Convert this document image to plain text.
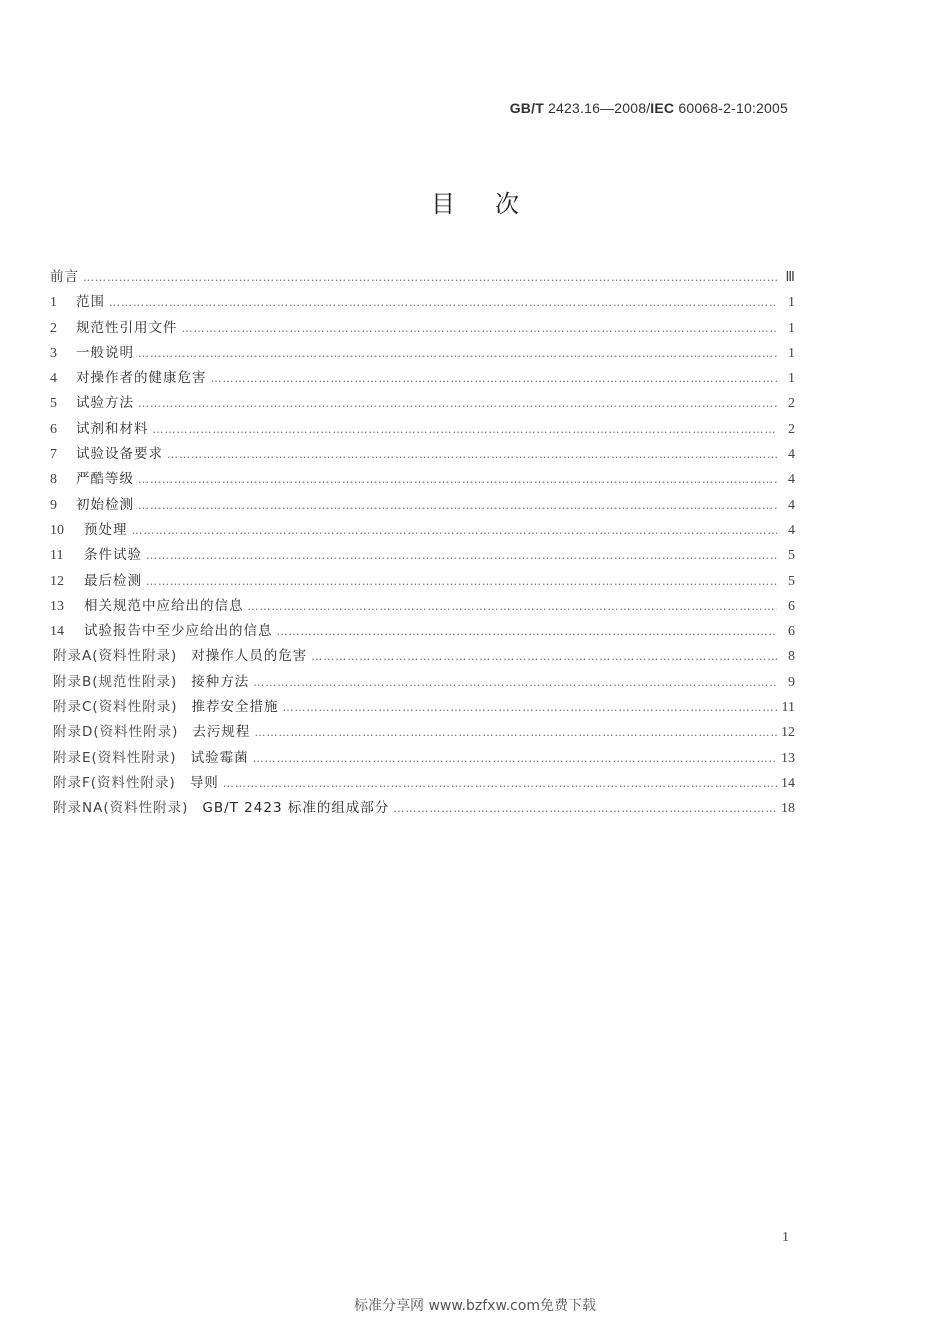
GB/T 2423.16—2008/IEC 60068-2-10:2005
目次
前言 ………………………………………………………………………………………………………………………………………………………………………………………………………………	Ⅲ
1	范围 ………………………………………………………………………………………………………………………………………………………………………………………………………………	1
2	规范性引用文件 ………………………………………………………………………………………………………………………………………………………………………………………………………………	1
3	一般说明 ………………………………………………………………………………………………………………………………………………………………………………………………………………	1
4	对操作者的健康危害 ………………………………………………………………………………………………………………………………………………………………………………………………………………	1
5	试验方法 ………………………………………………………………………………………………………………………………………………………………………………………………………………	2
6	试剂和材料 ………………………………………………………………………………………………………………………………………………………………………………………………………………	2
7	试验设备要求 ………………………………………………………………………………………………………………………………………………………………………………………………………………	4
8	严酷等级 ………………………………………………………………………………………………………………………………………………………………………………………………………………	4
9	初始检测 ………………………………………………………………………………………………………………………………………………………………………………………………………………	4
10	预处理 ………………………………………………………………………………………………………………………………………………………………………………………………………………	4
11	条件试验 ………………………………………………………………………………………………………………………………………………………………………………………………………………	5
12	最后检测 ………………………………………………………………………………………………………………………………………………………………………………………………………………	5
13	相关规范中应给出的信息 ………………………………………………………………………………………………………………………………………………………………………………………………………………	6
14	试验报告中至少应给出的信息 ………………………………………………………………………………………………………………………………………………………………………………………………………………	6
附录A(资料性附录) 对操作人员的危害 ………………………………………………………………………………………………………………………………………………………………………………………………………………	8
附录B(规范性附录) 接种方法 ………………………………………………………………………………………………………………………………………………………………………………………………………………	9
附录C(资料性附录) 推荐安全措施 ………………………………………………………………………………………………………………………………………………………………………………………………………………	11
附录D(资料性附录) 去污规程 ………………………………………………………………………………………………………………………………………………………………………………………………………………	12
附录E(资料性附录) 试验霉菌 ………………………………………………………………………………………………………………………………………………………………………………………………………………	13
附录F(资料性附录) 导则 ………………………………………………………………………………………………………………………………………………………………………………………………………………	14
附录NA(资料性附录) GB/T 2423 标准的组成部分 ………………………………………………………………………………………………………………………………………………………………………………………………………………	18
1
标准分享网 www.bzfxw.com免费下载
